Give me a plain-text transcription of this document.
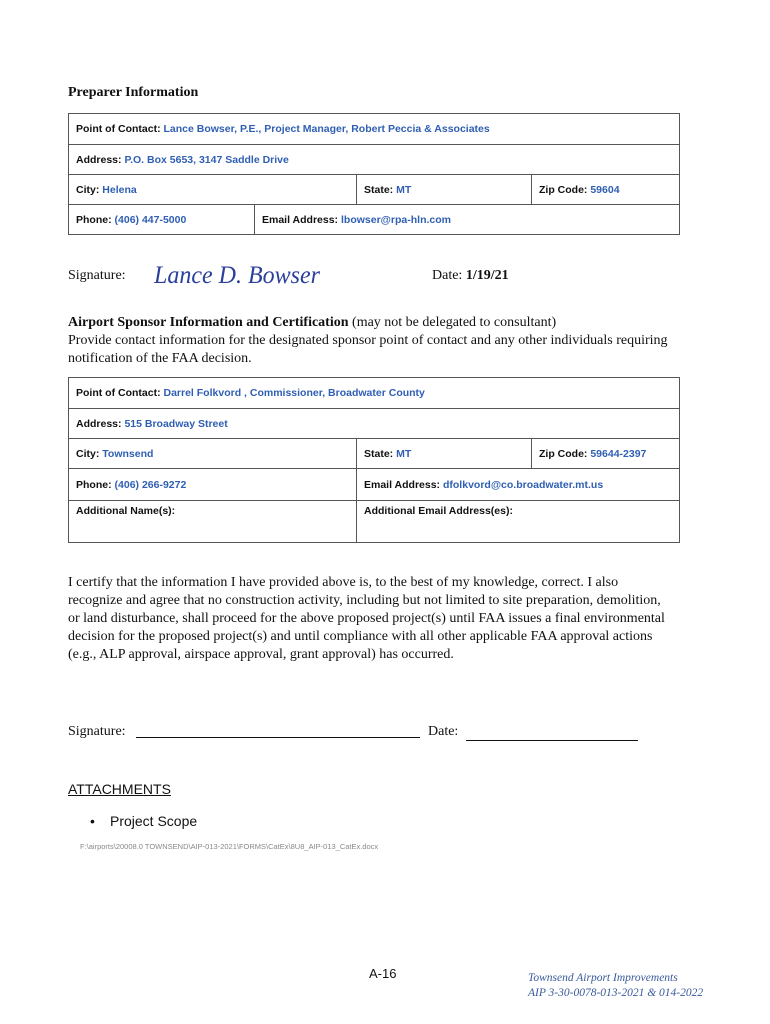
Preparer Information
Point of Contact: Lance Bowser, P.E., Project Manager, Robert Peccia & Associates			
Address: P.O. Box 5653, 3147 Saddle Drive			
City: Helena		State: MT	Zip Code: 59604
Phone: (406) 447-5000	Email Address: lbowser@rpa-hln.com		
Signature: Lance D. Bowser	Date: 1/19/21
Airport Sponsor Information and Certification (may not be delegated to consultant)
Provide contact information for the designated sponsor point of contact and any other individuals requiring notification of the FAA decision.
Point of Contact: Darrel Folkvord , Commissioner, Broadwater County		
Address: 515 Broadway Street		
City: Townsend	State: MT	Zip Code: 59644-2397
Phone: (406) 266-9272	Email Address: dfolkvord@co.broadwater.mt.us	
Additional Name(s):	Additional Email Address(es):	
I certify that the information I have provided above is, to the best of my knowledge, correct. I also recognize and agree that no construction activity, including but not limited to site preparation, demolition, or land disturbance, shall proceed for the above proposed project(s) until FAA issues a final environmental decision for the proposed project(s) and until compliance with all other applicable FAA approval actions (e.g., ALP approval, airspace approval, grant approval) has occurred.
Signature:	Date:
ATTACHMENTS
• Project Scope
F:\airports\20008.0 TOWNSEND\AIP-013-2021\FORMS\CatEx\8U8_AIP-013_CatEx.docx
A-16	Townsend Airport Improvements
AIP 3-30-0078-013-2021 & 014-2022
